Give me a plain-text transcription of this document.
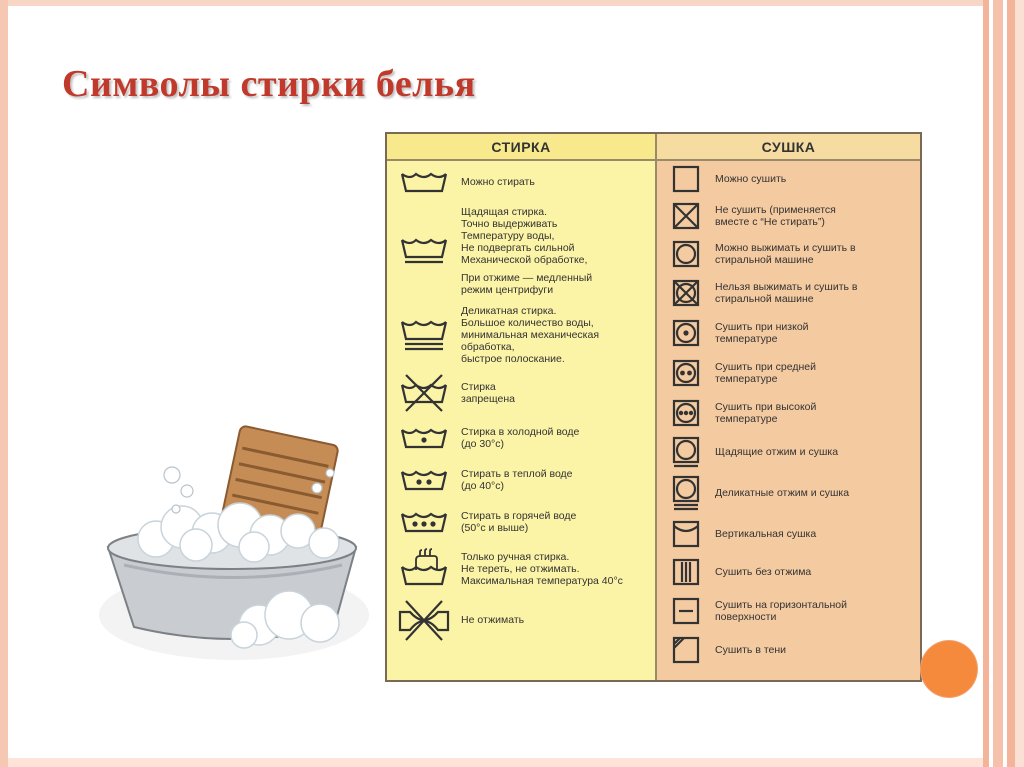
Символы стирки белья
СТИРКА
Можно стирать
Щадящая стирка.
Точно выдерживать
Температуру воды,
Не подвергать сильной
Механической обработке,
При отжиме — медленный
режим центрифуги
Деликатная стирка.
Большое количество воды,
минимальная механическая
обработка,
быстрое полоскание.
Стирка
запрещена
Стирка в холодной воде
(до 30°c)
Стирать в теплой воде
(до 40°c)
Стирать в горячей воде
(50°c и выше)
Только ручная стирка.
Не тереть, не отжимать.
Максимальная температура 40°c
Не отжимать
СУШКА
Можно сушить
Не сушить (применяется
вместе с “Не стирать”)
Можно выжимать и сушить в
стиральной машине
Нельзя выжимать и сушить в
стиральной машине
Сушить при низкой
температуре
Сушить при средней
температуре
Сушить при высокой
температуре
Щадящие отжим и сушка
Деликатные отжим и сушка
Вертикальная сушка
Сушить без отжима
Сушить на горизонтальной
поверхности
Сушить в тени
